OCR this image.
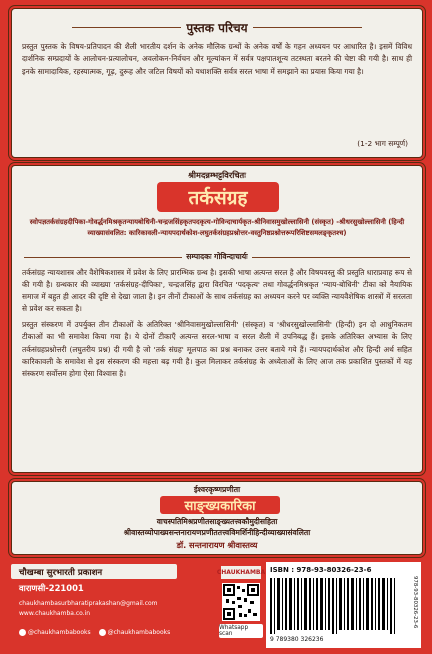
पुस्तक परिचय
प्रस्तुत पुस्तक के विषय-प्रतिपादन की शैली भारतीय दर्शन के अनेक मौलिक ग्रन्थों के अनेक वर्षों के गहन अध्ययन पर आधारित है। इसमें विविध दार्शनिक सम्प्रदायों के आलोचन-प्रत्यालोचन, अवलोकन-निर्वचन और मूल्यांकन में सर्वत्र पक्षपातशून्य तटस्थता बरतने की चेष्टा की गयी है। साथ ही इनके सामादायिक, रहस्यात्मक, गूढ़, दुरूह और जटिल विषयों को यथाशक्ति सर्वत्र सरल भाषा में समझाने का प्रयास किया गया है।
(1-2 भाग सम्पूर्ण)
श्रीमदन्नम्भट्टविरचितः
तर्कसंग्रह
स्वोपज्ञतर्कसंग्रहदीपिका-गोवर्द्धनमिश्रकृतन्यायबोधिनी-चन्द्रजसिंहकृतपदकृत्य-गोविन्दाचार्यकृत-श्रीनिवासमुखोल्लासिनी (संस्कृत) -श्रीधरसुखोल्लासिनी (हिन्दी व्याख्यासंवलित: कारिकावली-न्यायपदार्थकोश-लघुतर्कसंग्रहप्रश्नोत्तर-वस्तुनिष्ठप्रश्नोत्तरूपरिशिष्टसमलङ्कृतश्च)
सम्पादकः गोविन्दाचार्यः

तर्कसंग्रह न्यायशास्त्र और वैशेषिकशास्त्र में प्रवेश के लिए प्रारम्भिक ग्रन्थ है। इसकी भाषा अत्यन्त सरल है और विषयवस्तु की प्रस्तुति धाराप्रवाह रूप से की गयी है। ग्रन्थकार की व्याख्या 'तर्कसंग्रह-दीपिका', चन्द्रजसिंह द्वारा विरचित 'पदकृत्य' तथा गोवर्द्धनमिश्रकृत 'न्याय-बोधिनी' टीका को नैयायिक समाज में बहुत ही आदर की दृष्टि से देखा जाता है। इन तीनों टीकाओं के साथ तर्कसंग्रह का अध्ययन करने पर व्यक्ति न्यायवैशेषिक शास्त्रों में सरलता से प्रवेश कर सकता है।

प्रस्तुत संस्करण में उपर्युक्त तीन टीकाओं के अतिरिक्त 'श्रीनिवासमुखोल्लासिनी' (संस्कृत) व 'श्रीधरसुखोल्लासिनी' (हिन्दी) इन दो आधुनिकतम टीकाओं का भी समावेश किया गया है। ये दोनों टीकाएँ अत्यन्त सरल-भाषा व सरल शैली में उपनिबद्ध हैं। इसके अतिरिक्त अभ्यास के लिए तर्कसंग्रहप्रश्नोत्तरी (लघुतरीय प्रश्न) दी गयी है जो 'तर्क संग्रह' मूलपाठ का प्रश्न बनाकर उत्तर बताये गये हैं। न्यायपदार्थकोश और हिन्दी अर्थ सहित कारिकावली के समावेश से इस संस्करण की महत्ता बढ़ गयी है। कुल मिलाकर तर्कसंग्रह के अध्येताओं के लिए आज तक प्रकाशित पुस्तकों में यह संस्करण सर्वोत्तम होगा ऐसा विश्वास है।

ईश्वरकृष्णप्रणीता
साङ्ख्यकारिका
वाचस्पतिमिश्रप्रणीतसाङ्ख्यतत्त्वकौमुदीसहिता
श्रीवास्तव्योपाख्यसन्तनारायणप्रणीततत्त्वविमर्शिनीहिन्दीव्याख्यासंवलिता
डॉ. सन्तनारायण श्रीवास्तव्य
चौखम्बा सुरभारती प्रकाशन
वाराणसी-221001
chaukhambasurbharatiprakashan@gmail.com
www.chaukhamba.co.in
@chaukhambabooks	@chaukhambabooks
CHAUKHAMBA
Whatsapp scan
ISBN : 978-93-80326-23-6
9 789380 326236
978-93-80326-23-6
